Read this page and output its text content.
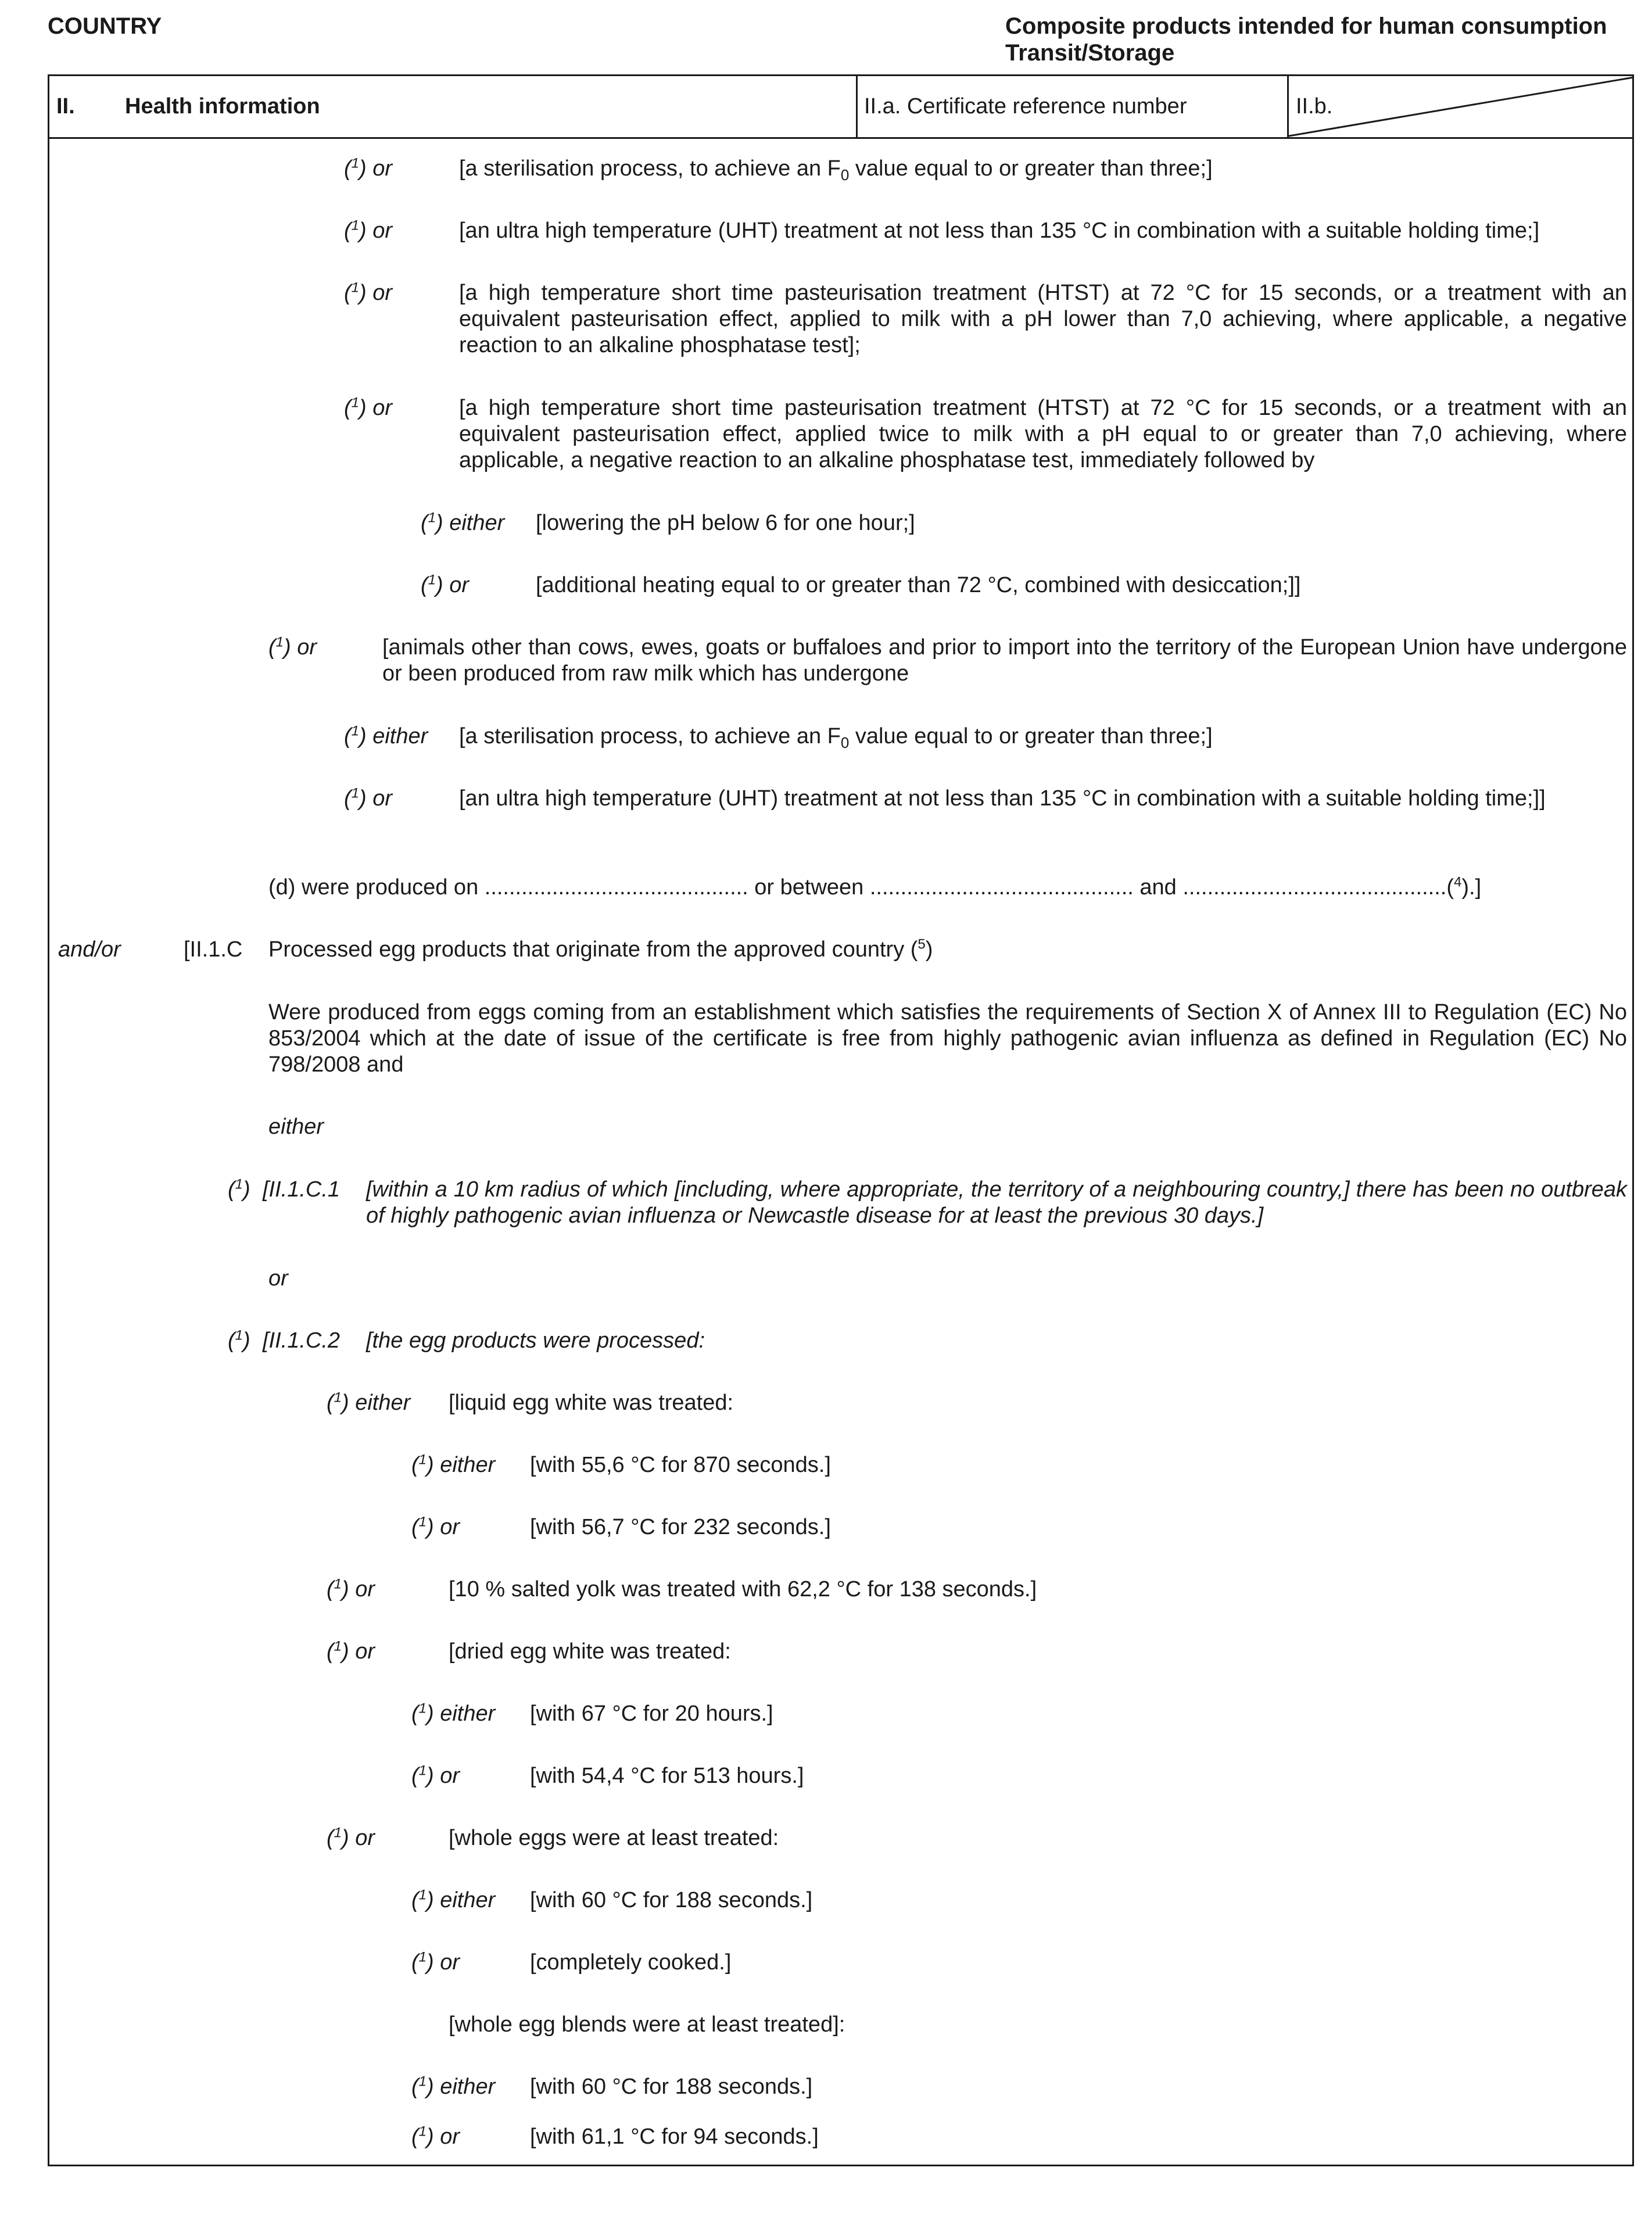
COUNTRY	Composite products intended for human consumption
Transit/Storage
II. Health information	II.a. Certificate reference number	II.b.
($^1$) or	[a sterilisation process, to achieve an $F_0$ value equal to or greater than three;]
($^1$) or	[an ultra high temperature (UHT) treatment at not less than 135 °C in combination with a suitable holding time;]
($^1$) or	[a high temperature short time pasteurisation treatment (HTST) at 72 °C for 15 seconds, or a treatment with an equivalent pasteurisation effect, applied to milk with a pH lower than 7,0 achieving, where applicable, a negative reaction to an alkaline phosphatase test];
($^1$) or	[a high temperature short time pasteurisation treatment (HTST) at 72 °C for 15 seconds, or a treatment with an equivalent pasteurisation effect, applied twice to milk with a pH equal to or greater than 7,0 achieving, where applicable, a negative reaction to an alkaline phosphatase test, immediately followed by
($^1$) either [lowering the pH below 6 for one hour;]
($^1$) or	[additional heating equal to or greater than 72 °C, combined with desiccation;]]
($^1$) or	[animals other than cows, ewes, goats or buffaloes and prior to import into the territory of the European Union have undergone or been produced from raw milk which has undergone
($^1$) either [a sterilisation process, to achieve an $F_0$ value equal to or greater than three;]
($^1$) or	[an ultra high temperature (UHT) treatment at not less than 135 °C in combination with a suitable holding time;]]
(d) were produced on ........................................... or between ........................................... and ...........................................($^4$).]
and/or	[II.1.C Processed egg products that originate from the approved country ($^5$)
Were produced from eggs coming from an establishment which satisfies the requirements of Section X of Annex III to Regulation (EC) No 853/2004 which at the date of issue of the certificate is free from highly pathogenic avian influenza as defined in Regulation (EC) No 798/2008 and
either
($^1$) [II.1.C.1 [within a 10 km radius of which [including, where appropriate, the territory of a neighbouring country,] there has been no outbreak of highly pathogenic avian influenza or Newcastle disease for at least the previous 30 days.]
or
($^1$) [II.1.C.2 [the egg products were processed:
($^1$) either [liquid egg white was treated:
($^1$) either [with 55,6 °C for 870 seconds.]
($^1$) or	[with 56,7 °C for 232 seconds.]
($^1$) or	[10 % salted yolk was treated with 62,2 °C for 138 seconds.]
($^1$) or	[dried egg white was treated:
($^1$) either [with 67 °C for 20 hours.]
($^1$) or	[with 54,4 °C for 513 hours.]
($^1$) or	[whole eggs were at least treated:
($^1$) either [with 60 °C for 188 seconds.]
($^1$) or	[completely cooked.]
[whole egg blends were at least treated]:
($^1$) either [with 60 °C for 188 seconds.]
($^1$) or	[with 61,1 °C for 94 seconds.]
